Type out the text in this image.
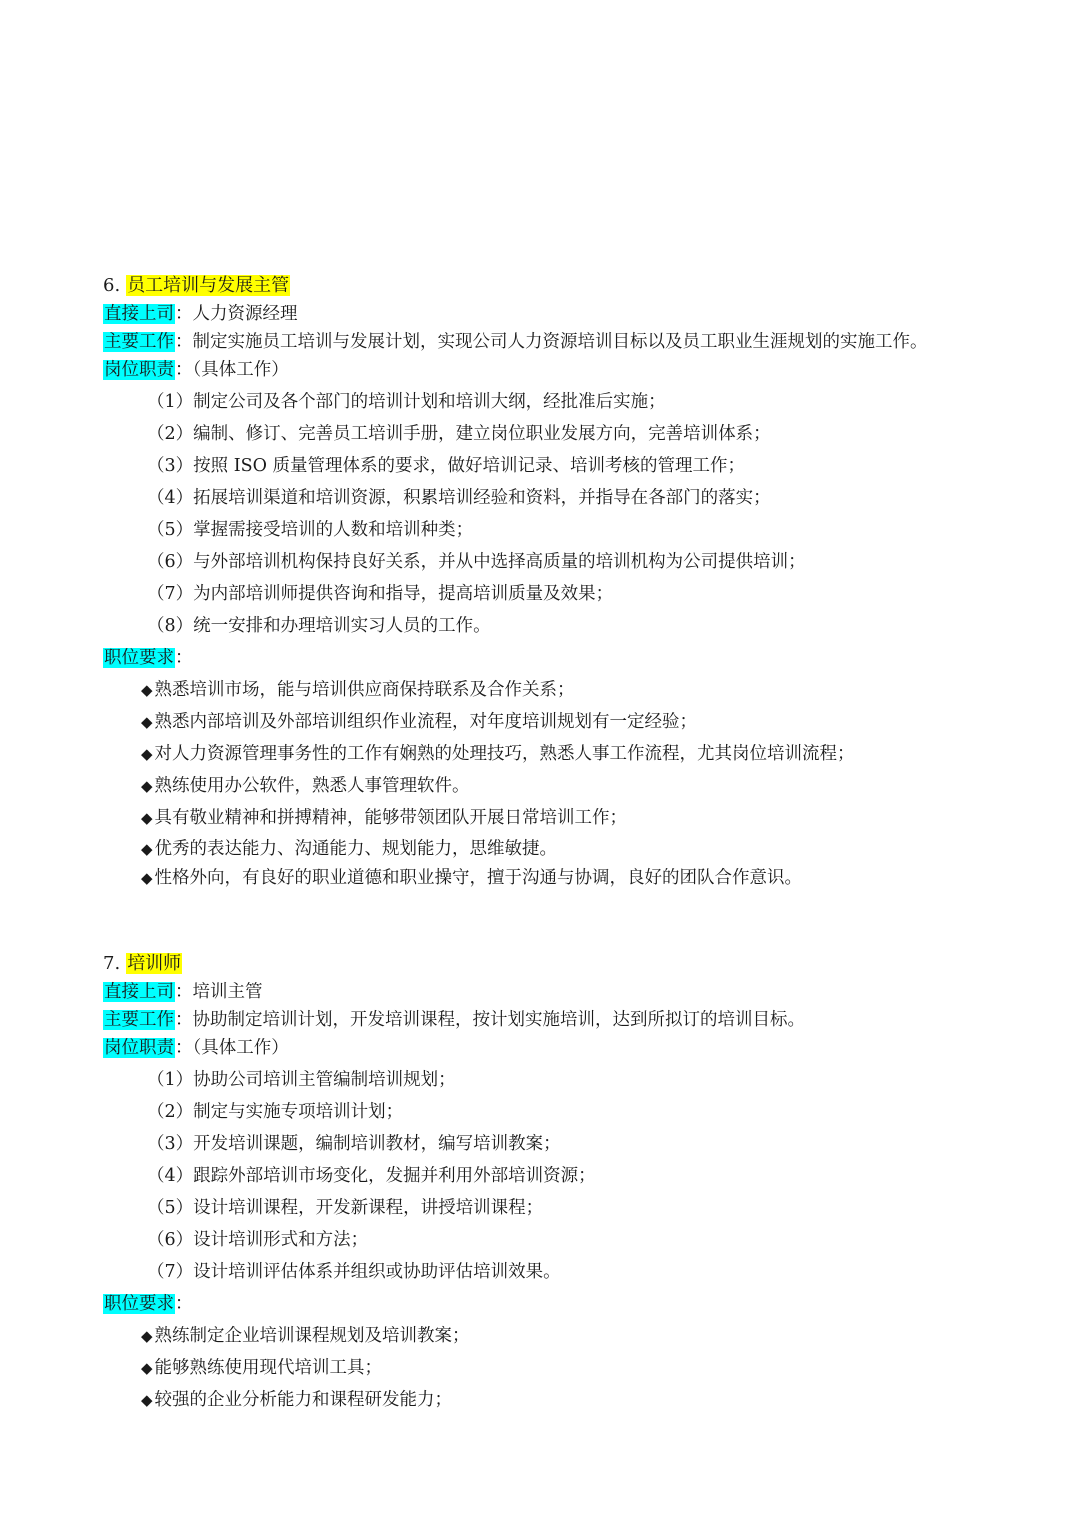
6. 员工培训与发展主管
直接上司：人力资源经理
主要工作：制定实施员工培训与发展计划，实现公司人力资源培训目标以及员工职业生涯规划的实施工作。
岗位职责：（具体工作）
（1）制定公司及各个部门的培训计划和培训大纲，经批准后实施；
（2）编制、修订、完善员工培训手册，建立岗位职业发展方向，完善培训体系；
（3）按照 ISO 质量管理体系的要求，做好培训记录、培训考核的管理工作；
（4）拓展培训渠道和培训资源，积累培训经验和资料，并指导在各部门的落实；
（5）掌握需接受培训的人数和培训种类；
（6）与外部培训机构保持良好关系，并从中选择高质量的培训机构为公司提供培训；
（7）为内部培训师提供咨询和指导，提高培训质量及效果；
（8）统一安排和办理培训实习人员的工作。
职位要求：
◆ 熟悉培训市场，能与培训供应商保持联系及合作关系；
◆ 熟悉内部培训及外部培训组织作业流程，对年度培训规划有一定经验；
◆ 对人力资源管理事务性的工作有娴熟的处理技巧，熟悉人事工作流程，尤其岗位培训流程；
◆ 熟练使用办公软件，熟悉人事管理软件。
◆ 具有敬业精神和拼搏精神，能够带领团队开展日常培训工作；
◆ 优秀的表达能力、沟通能力、规划能力，思维敏捷。
◆ 性格外向，有良好的职业道德和职业操守，擅于沟通与协调，良好的团队合作意识。
7. 培训师
直接上司：培训主管
主要工作：协助制定培训计划，开发培训课程，按计划实施培训，达到所拟订的培训目标。
岗位职责：（具体工作）
（1）协助公司培训主管编制培训规划；
（2）制定与实施专项培训计划；
（3）开发培训课题，编制培训教材，编写培训教案；
（4）跟踪外部培训市场变化，发掘并利用外部培训资源；
（5）设计培训课程，开发新课程，讲授培训课程；
（6）设计培训形式和方法；
（7）设计培训评估体系并组织或协助评估培训效果。
职位要求：
◆ 熟练制定企业培训课程规划及培训教案；
◆ 能够熟练使用现代培训工具；
◆ 较强的企业分析能力和课程研发能力；
